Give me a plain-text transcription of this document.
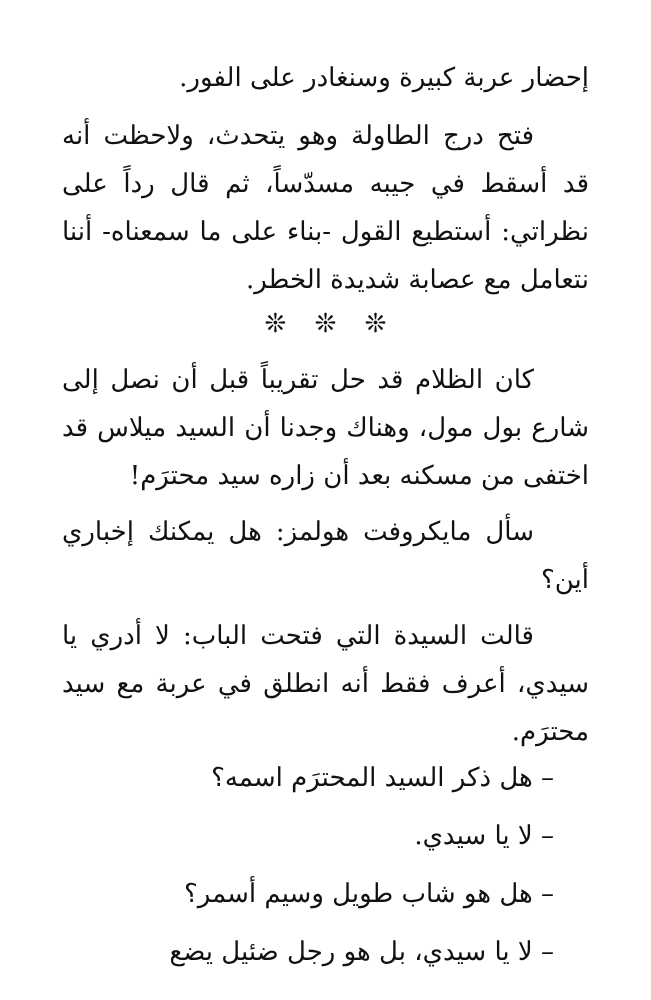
إحضار عربة كبيرة وسنغادر على الفور.

فتح درج الطاولة وهو يتحدث، ولاحظت أنه قد أسقط في جيبه مسدّساً، ثم قال رداً على نظراتي: أستطيع القول -بناء على ما سمعناه- أننا نتعامل مع عصابة شديدة الخطر.

❊ ❊ ❊

كان الظلام قد حل تقريباً قبل أن نصل إلى شارع بول مول، وهناك وجدنا أن السيد ميلاس قد اختفى من مسكنه بعد أن زاره سيد محترَم!

سأل مايكروفت هولمز: هل يمكنك إخباري أين؟

قالت السيدة التي فتحت الباب: لا أدري يا سيدي، أعرف فقط أنه انطلق في عربة مع سيد محترَم.

– هل ذكر السيد المحترَم اسمه؟

– لا يا سيدي.

– هل هو شاب طويل وسيم أسمر؟

– لا يا سيدي، بل هو رجل ضئيل يضع
